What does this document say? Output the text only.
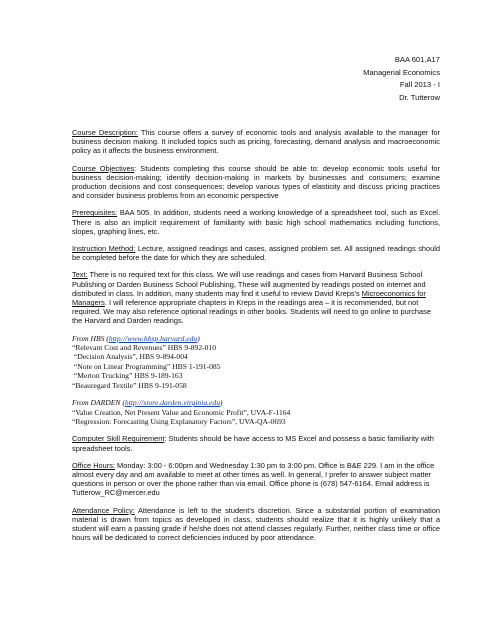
BAA 601.A17
Managerial Economics
Fall 2013 - I
Dr. Tutterow

Course Description: This course offers a survey of economic tools and analysis available to the manager for business decision making. It included topics such as pricing, forecasting, demand analysis and macroeconomic policy as it affects the business environment.

Course Objectives: Students completing this course should be able to: develop economic tools useful for business decision-making; identify decision-making in markets by businesses and consumers; examine production decisions and cost consequences; develop various types of elasticity and discuss pricing practices and consider business problems from an economic perspective

Prerequisites: BAA 505. In addition, students need a working knowledge of a spreadsheet tool, such as Excel. There is also an implicit requirement of familiarity with basic high school mathematics including functions, slopes, graphing lines, etc.

Instruction Method: Lecture, assigned readings and cases, assigned problem set. All assigned readings should be completed before the date for which they are scheduled.

Text: There is no required text for this class. We will use readings and cases from Harvard Business School Publishing or Darden Business School Publishing, These will augmented by readings posted on internet and distributed in class. In addition, many students may find it useful to review David Kreps's Microeconomics for Managers. I will reference appropriate chapters in Kreps in the readings area – it is recommended, but not required. We may also reference optional readings in other books. Students will need to go online to purchase the Harvard and Darden readings.

From HBS (http://www.hbsp.harvard.edu)
“Relevant Cost and Revenues” HBS 9-892-010
“Decision Analysis”, HBS 9-894-004
“Note on Linear Programming” HBS 1-191-085
“Merton Trucking” HBS 9-189-163
“Beauregard Textile” HBS 9-191-058
From DARDEN (http://store.darden.virginia.edu)
“Value Creation, Net Present Value and Economic Profit”, UVA-F-1164
“Regression: Forecasting Using Explanatory Factors”, UVA-QA-0693

Computer Skill Requirement: Students should be have access to MS Excel and possess a basic familiarity with spreadsheet tools.

Office Hours: Monday: 3:00 - 6:00pm and Wednesday 1:30 pm to 3:00 pm. Office is B&E 229. I am in the office almost every day and am available to meet at other times as well. In general, I prefer to answer subject matter questions in person or over the phone rather than via email. Office phone is (678) 547-6164. Email address is Tutterow_RC@mercer.edu

Attendance Policy: Attendance is left to the student's discretion. Since a substantial portion of examination material is drawn from topics as developed in class, students should realize that it is highly unlikely that a student will earn a passing grade if he/she does not attend classes regularly. Further, neither class time or office hours will be dedicated to correct deficiencies induced by poor attendance.
